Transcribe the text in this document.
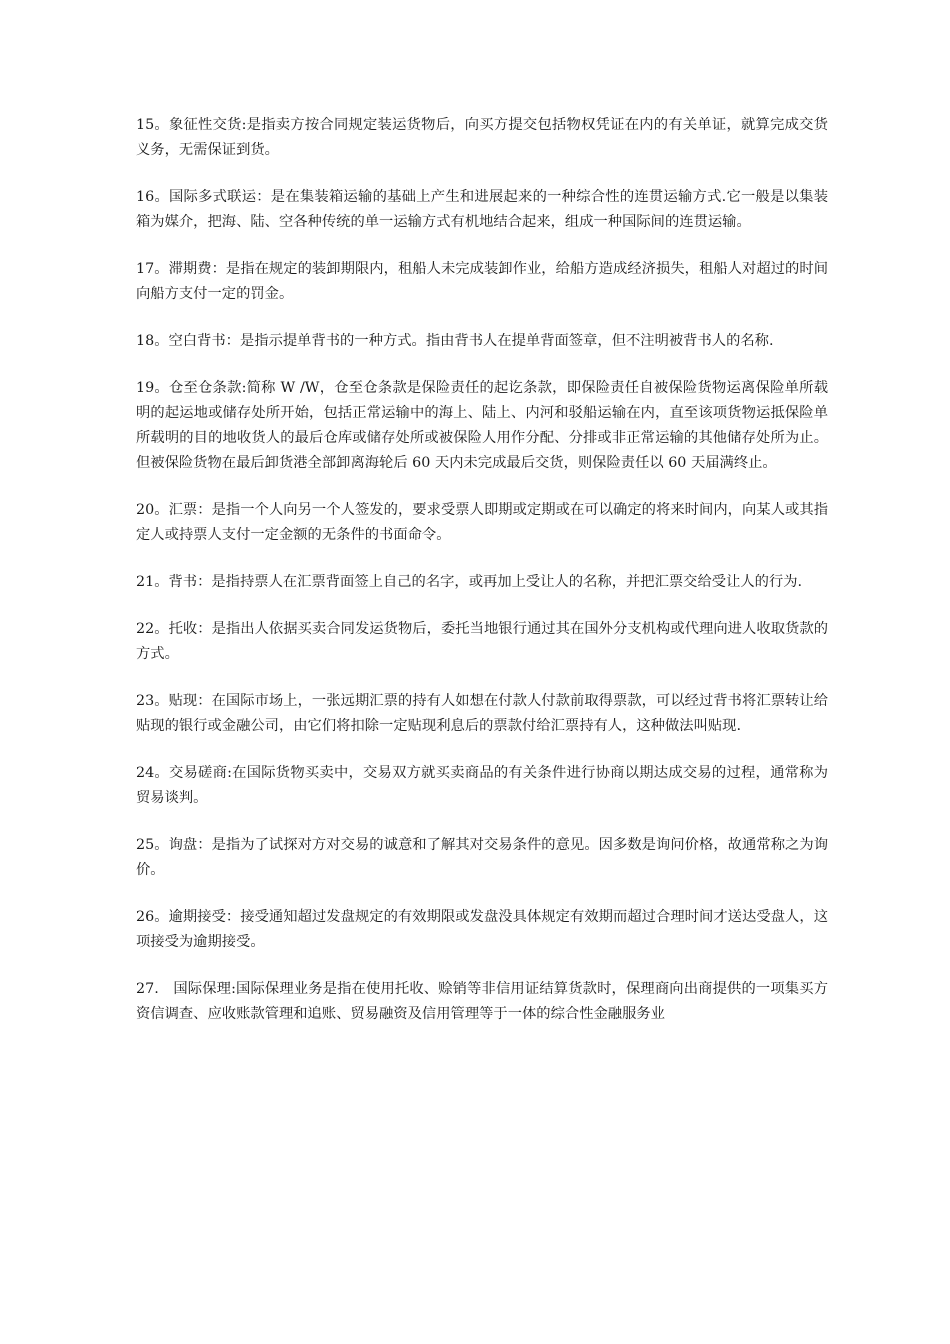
15。象征性交货:是指卖方按合同规定装运货物后，向买方提交包括物权凭证在内的有关单证，就算完成交货义务，无需保证到货。

16。国际多式联运：是在集装箱运输的基础上产生和进展起来的一种综合性的连贯运输方式.它一般是以集装箱为媒介，把海、陆、空各种传统的单一运输方式有机地结合起来，组成一种国际间的连贯运输。

17。滞期费：是指在规定的装卸期限内，租船人未完成装卸作业，给船方造成经济损失，租船人对超过的时间向船方支付一定的罚金。

18。空白背书：是指示提单背书的一种方式。指由背书人在提单背面签章，但不注明被背书人的名称.

19。仓至仓条款:简称 W /W，仓至仓条款是保险责任的起讫条款，即保险责任自被保险货物运离保险单所载明的起运地或储存处所开始，包括正常运输中的海上、陆上、内河和驳船运输在内，直至该项货物运抵保险单所载明的目的地收货人的最后仓库或储存处所或被保险人用作分配、分排或非正常运输的其他储存处所为止。但被保险货物在最后卸货港全部卸离海轮后 60 天内未完成最后交货，则保险责任以 60 天届满终止。

20。汇票：是指一个人向另一个人签发的，要求受票人即期或定期或在可以确定的将来时间内，向某人或其指定人或持票人支付一定金额的无条件的书面命令。

21。背书：是指持票人在汇票背面签上自己的名字，或再加上受让人的名称，并把汇票交给受让人的行为.

22。托收：是指出人依据买卖合同发运货物后，委托当地银行通过其在国外分支机构或代理向进人收取货款的方式。

23。贴现：在国际市场上，一张远期汇票的持有人如想在付款人付款前取得票款，可以经过背书将汇票转让给贴现的银行或金融公司，由它们将扣除一定贴现利息后的票款付给汇票持有人，这种做法叫贴现.

24。交易磋商:在国际货物买卖中，交易双方就买卖商品的有关条件进行协商以期达成交易的过程，通常称为贸易谈判。

25。询盘：是指为了试探对方对交易的诚意和了解其对交易条件的意见。因多数是询问价格，故通常称之为询价。

26。逾期接受：接受通知超过发盘规定的有效期限或发盘没具体规定有效期而超过合理时间才送达受盘人，这项接受为逾期接受。

27.　国际保理:国际保理业务是指在使用托收、赊销等非信用证结算货款时，保理商向出商提供的一项集买方资信调查、应收账款管理和追账、贸易融资及信用管理等于一体的综合性金融服务业
